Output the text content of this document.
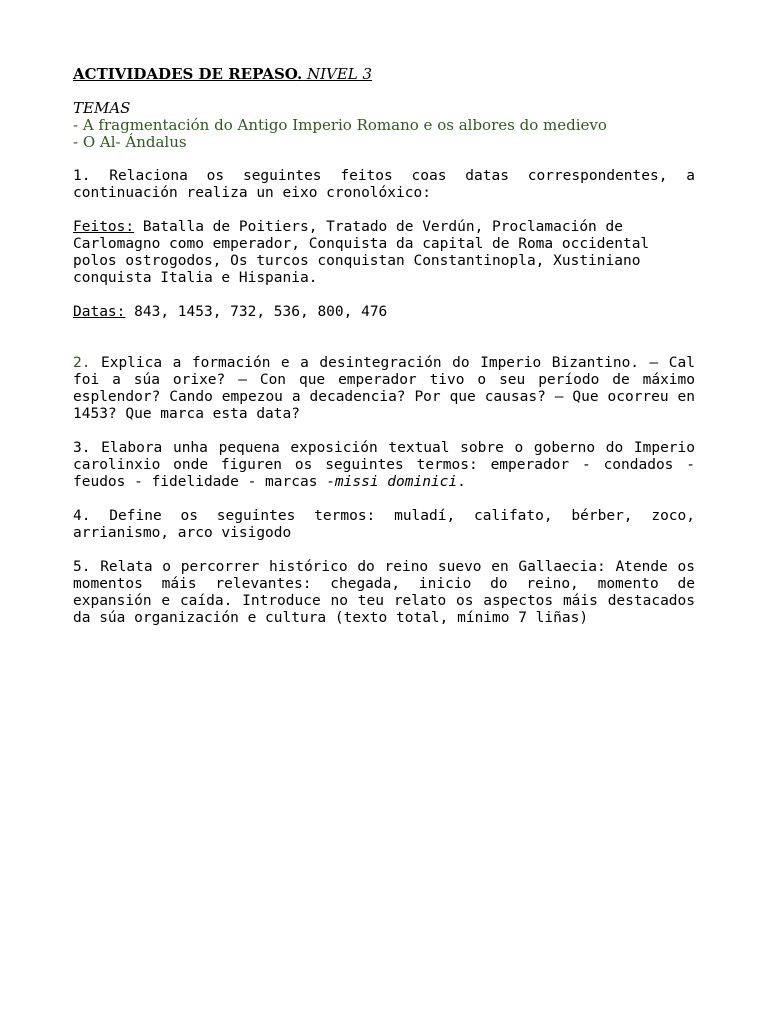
ACTIVIDADES DE REPASO. NIVEL 3

TEMAS

- A fragmentación do Antigo Imperio Romano e os albores do medievo

- O Al- Ándalus

1. Relaciona os seguintes feitos coas datas correspondentes, a continuación realiza un eixo cronolóxico:

Feitos: Batalla de Poitiers, Tratado de Verdún, Proclamación de Carlomagno como emperador, Conquista da capital de Roma occidental polos ostrogodos, Os turcos conquistan Constantinopla, Xustiniano conquista Italia e Hispania.

Datas: 843, 1453, 732, 536, 800, 476

2. Explica a formación e a desintegración do Imperio Bizantino. – Cal foi a súa orixe? – Con que emperador tivo o seu período de máximo esplendor? Cando empezou a decadencia? Por que causas? – Que ocorreu en 1453? Que marca esta data?

3. Elabora unha pequena exposición textual sobre o goberno do Imperio carolinxio onde figuren os seguintes termos: emperador - condados - feudos - fidelidade - marcas -missi dominici.

4. Define os seguintes termos: muladí, califato, bérber, zoco, arrianismo, arco visigodo

5. Relata o percorrer histórico do reino suevo en Gallaecia: Atende os momentos máis relevantes: chegada, inicio do reino, momento de expansión e caída. Introduce no teu relato os aspectos máis destacados da súa organización e cultura (texto total, mínimo 7 liñas)
